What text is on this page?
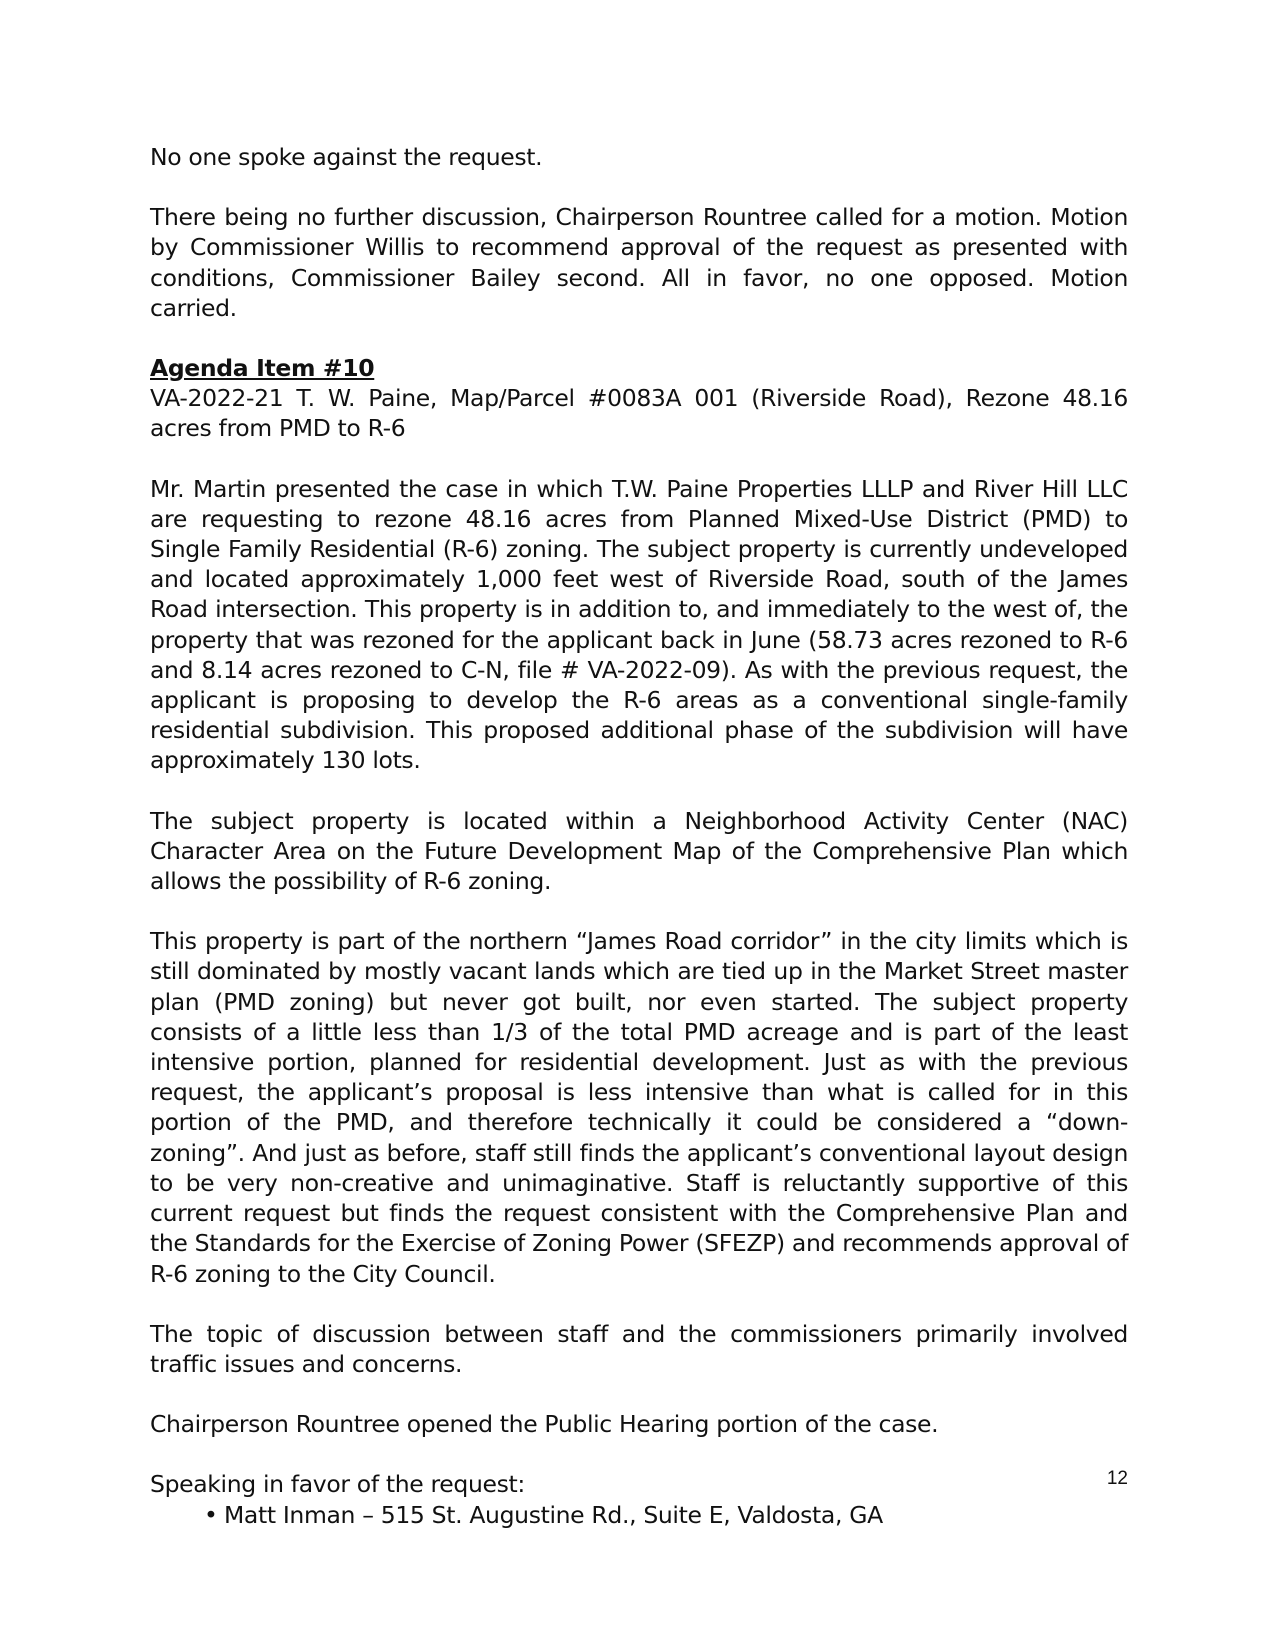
No one spoke against the request.

There being no further discussion, Chairperson Rountree called for a motion. Motion by Commissioner Willis to recommend approval of the request as presented with conditions, Commissioner Bailey second. All in favor, no one opposed. Motion carried.

Agenda Item #10

VA-2022-21 T. W. Paine, Map/Parcel #0083A 001 (Riverside Road), Rezone 48.16 acres from PMD to R-6

Mr. Martin presented the case in which T.W. Paine Properties LLLP and River Hill LLC are requesting to rezone 48.16 acres from Planned Mixed-Use District (PMD) to Single Family Residential (R-6) zoning. The subject property is currently undeveloped and located approximately 1,000 feet west of Riverside Road, south of the James Road intersection. This property is in addition to, and immediately to the west of, the property that was rezoned for the applicant back in June (58.73 acres rezoned to R-6 and 8.14 acres rezoned to C-N, file # VA-2022-09). As with the previous request, the applicant is proposing to develop the R-6 areas as a conventional single-family residential subdivision. This proposed additional phase of the subdivision will have approximately 130 lots.

The subject property is located within a Neighborhood Activity Center (NAC) Character Area on the Future Development Map of the Comprehensive Plan which allows the possibility of R-6 zoning.

This property is part of the northern “James Road corridor” in the city limits which is still dominated by mostly vacant lands which are tied up in the Market Street master plan (PMD zoning) but never got built, nor even started. The subject property consists of a little less than 1/3 of the total PMD acreage and is part of the least intensive portion, planned for residential development. Just as with the previous request, the applicant’s proposal is less intensive than what is called for in this portion of the PMD, and therefore technically it could be considered a “down-zoning”. And just as before, staff still finds the applicant’s conventional layout design to be very non-creative and unimaginative. Staff is reluctantly supportive of this current request but finds the request consistent with the Comprehensive Plan and the Standards for the Exercise of Zoning Power (SFEZP) and recommends approval of R-6 zoning to the City Council.

The topic of discussion between staff and the commissioners primarily involved traffic issues and concerns.

Chairperson Rountree opened the Public Hearing portion of the case.

Speaking in favor of the request:

• Matt Inman – 515 St. Augustine Rd., Suite E, Valdosta, GA
12
